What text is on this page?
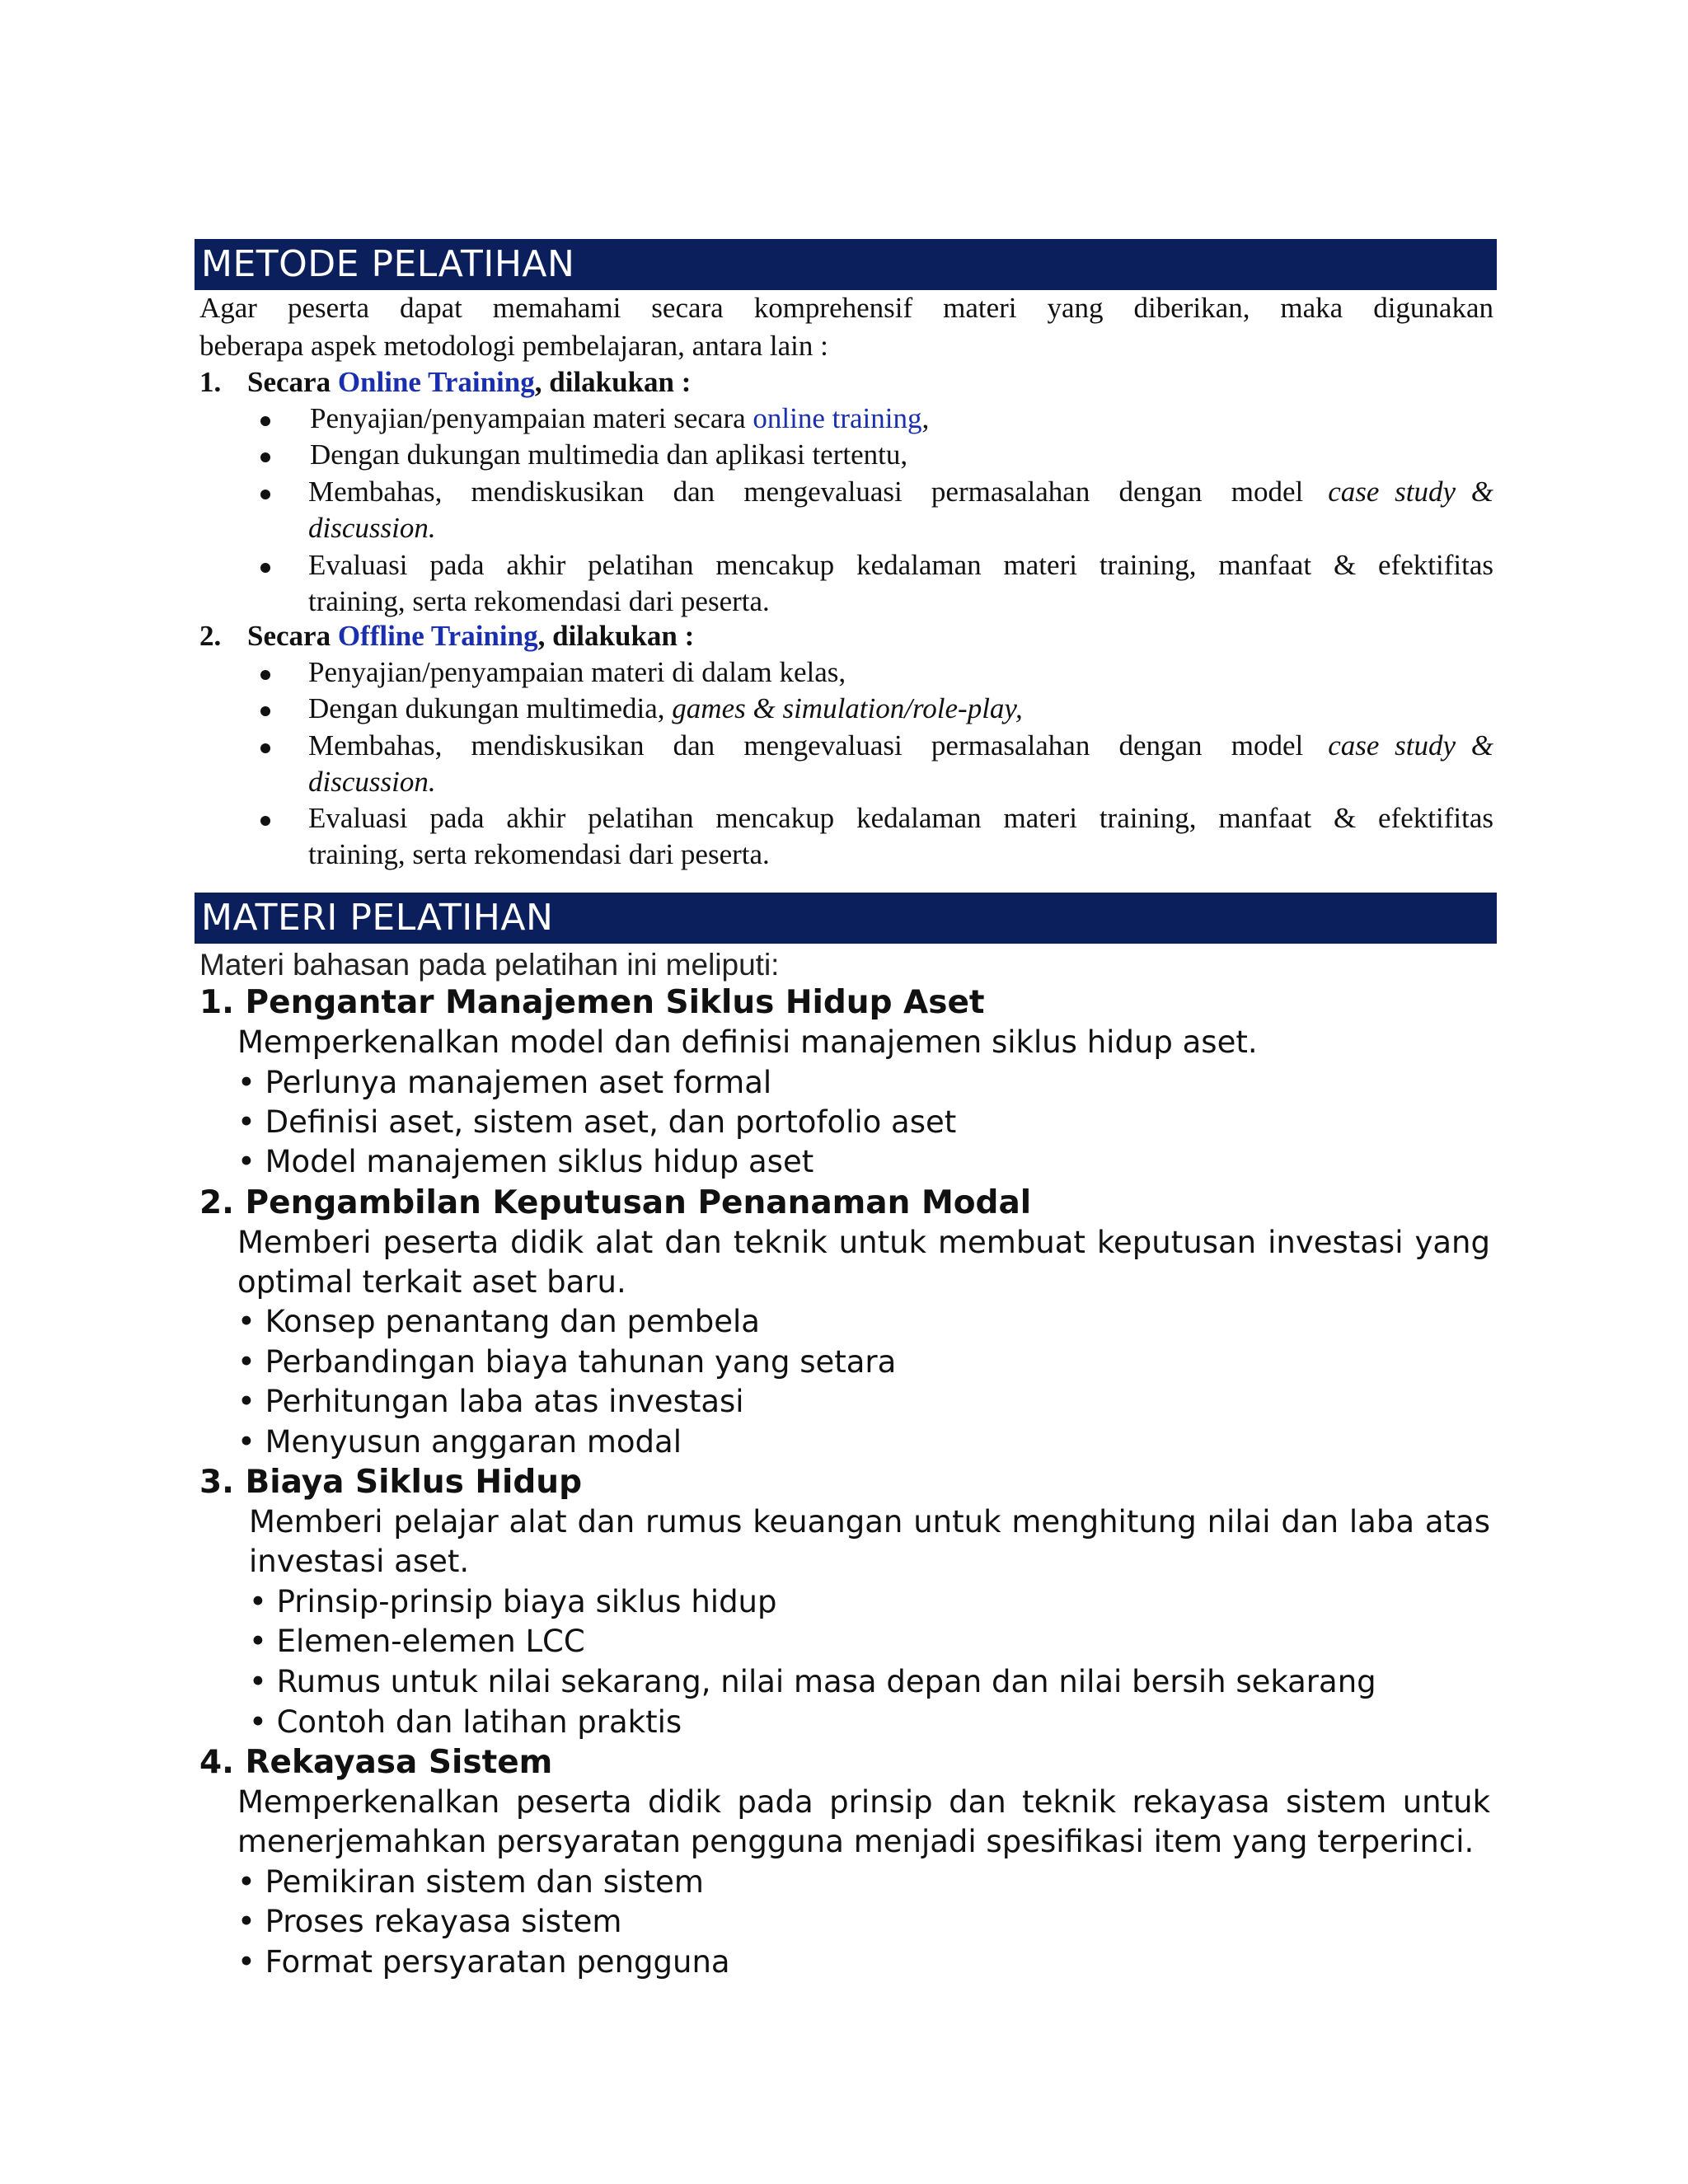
METODE PELATIHAN
Agar peserta dapat memahami secara komprehensif materi yang diberikan, maka digunakan
beberapa aspek metodologi pembelajaran, antara lain :
1. Secara Online Training, dilakukan :
Penyajian/penyampaian materi secara online training,
Dengan dukungan multimedia dan aplikasi tertentu,
Membahas, mendiskusikan dan mengevaluasi permasalahan dengan model case study &
discussion.
Evaluasi pada akhir pelatihan mencakup kedalaman materi training, manfaat & efektifitas
training, serta rekomendasi dari peserta.
2. Secara Offline Training, dilakukan :
Penyajian/penyampaian materi di dalam kelas,
Dengan dukungan multimedia, games & simulation/role-play,
Membahas, mendiskusikan dan mengevaluasi permasalahan dengan model case study &
discussion.
Evaluasi pada akhir pelatihan mencakup kedalaman materi training, manfaat & efektifitas
training, serta rekomendasi dari peserta.
MATERI PELATIHAN
Materi bahasan pada pelatihan ini meliputi:
1. Pengantar Manajemen Siklus Hidup Aset
Memperkenalkan model dan definisi manajemen siklus hidup aset.
• Perlunya manajemen aset formal
• Definisi aset, sistem aset, dan portofolio aset
• Model manajemen siklus hidup aset
2. Pengambilan Keputusan Penanaman Modal
Memberi peserta didik alat dan teknik untuk membuat keputusan investasi yang
optimal terkait aset baru.
• Konsep penantang dan pembela
• Perbandingan biaya tahunan yang setara
• Perhitungan laba atas investasi
• Menyusun anggaran modal
3. Biaya Siklus Hidup
Memberi pelajar alat dan rumus keuangan untuk menghitung nilai dan laba atas
investasi aset.
• Prinsip-prinsip biaya siklus hidup
• Elemen-elemen LCC
• Rumus untuk nilai sekarang, nilai masa depan dan nilai bersih sekarang
• Contoh dan latihan praktis
4. Rekayasa Sistem
Memperkenalkan peserta didik pada prinsip dan teknik rekayasa sistem untuk
menerjemahkan persyaratan pengguna menjadi spesifikasi item yang terperinci.
• Pemikiran sistem dan sistem
• Proses rekayasa sistem
• Format persyaratan pengguna
